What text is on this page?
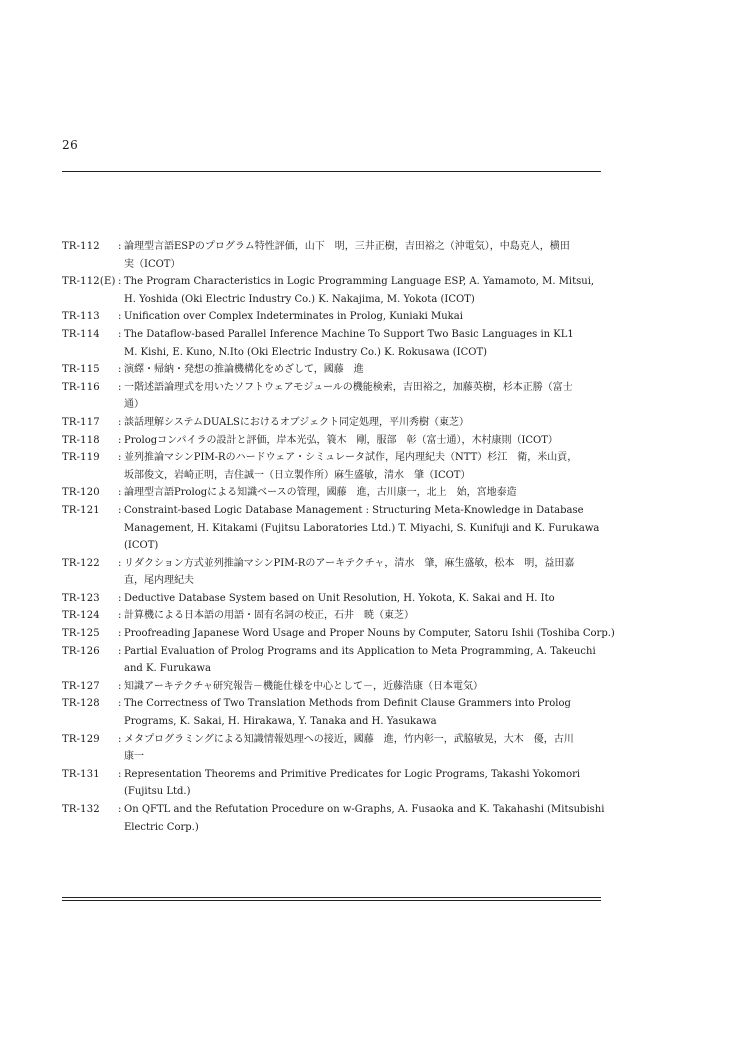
26
TR-112	: 論理型言語ESPのプログラム特性評価，山下　明，三井正樹，吉田裕之（沖電気），中島克人，横田
実（ICOT）
TR-112(E) : The Program Characteristics in Logic Programming Language ESP, A. Yamamoto, M. Mitsui,
H. Yoshida (Oki Electric Industry Co.) K. Nakajima, M. Yokota (ICOT)
TR-113	: Unification over Complex Indeterminates in Prolog, Kuniaki Mukai
TR-114	: The Dataflow-based Parallel Inference Machine To Support Two Basic Languages in KL1
M. Kishi, E. Kuno, N.Ito (Oki Electric Industry Co.) K. Rokusawa (ICOT)
TR-115	: 演繹・帰納・発想の推論機構化をめざして，國藤　進
TR-116	: 一階述語論理式を用いたソフトウェアモジュールの機能検索，吉田裕之，加藤英樹，杉本正勝（富士
通）
TR-117	: 談話理解システムDUALSにおけるオブジェクト同定処理，平川秀樹（東芝）
TR-118	: Prologコンパイラの設計と評価，岸本光弘，簑木　剛，服部　彰（富士通），木村康則（ICOT）
TR-119	: 並列推論マシンPIM-Rのハードウェア・シミュレータ試作，尾内理紀夫（NTT）杉江　衛，米山貢，
坂部俊文，岩崎正明，吉住誠一（日立製作所）麻生盛敏，清水　肇（ICOT）
TR-120	: 論理型言語Prologによる知識ベースの管理，國藤　進，古川康一，北上　始，宮地泰造
TR-121	: Constraint-based Logic Database Management : Structuring Meta-Knowledge in Database
Management, H. Kitakami (Fujitsu Laboratories Ltd.) T. Miyachi, S. Kunifuji and K. Furukawa
(ICOT)
TR-122	: リダクション方式並列推論マシンPIM-Rのアーキテクチャ，清水　肇，麻生盛敏，松本　明，益田嘉
直，尾内理紀夫
TR-123	: Deductive Database System based on Unit Resolution, H. Yokota, K. Sakai and H. Ito
TR-124	: 計算機による日本語の用語・固有名詞の校正，石井　暁（東芝）
TR-125	: Proofreading Japanese Word Usage and Proper Nouns by Computer, Satoru Ishii (Toshiba Corp.)
TR-126	: Partial Evaluation of Prolog Programs and its Application to Meta Programming, A. Takeuchi
and K. Furukawa
TR-127	: 知識アーキテクチャ研究報告－機能仕様を中心として－，近藤浩康（日本電気）
TR-128	: The Correctness of Two Translation Methods from Definit Clause Grammers into Prolog
Programs, K. Sakai, H. Hirakawa, Y. Tanaka and H. Yasukawa
TR-129	: メタプログラミングによる知識情報処理への接近，國藤　進，竹内彰一，武脇敏晃，大木　優，古川
康一
TR-131	: Representation Theorems and Primitive Predicates for Logic Programs, Takashi Yokomori
(Fujitsu Ltd.)
TR-132	: On QFTL and the Refutation Procedure on w-Graphs, A. Fusaoka and K. Takahashi (Mitsubishi
Electric Corp.)
